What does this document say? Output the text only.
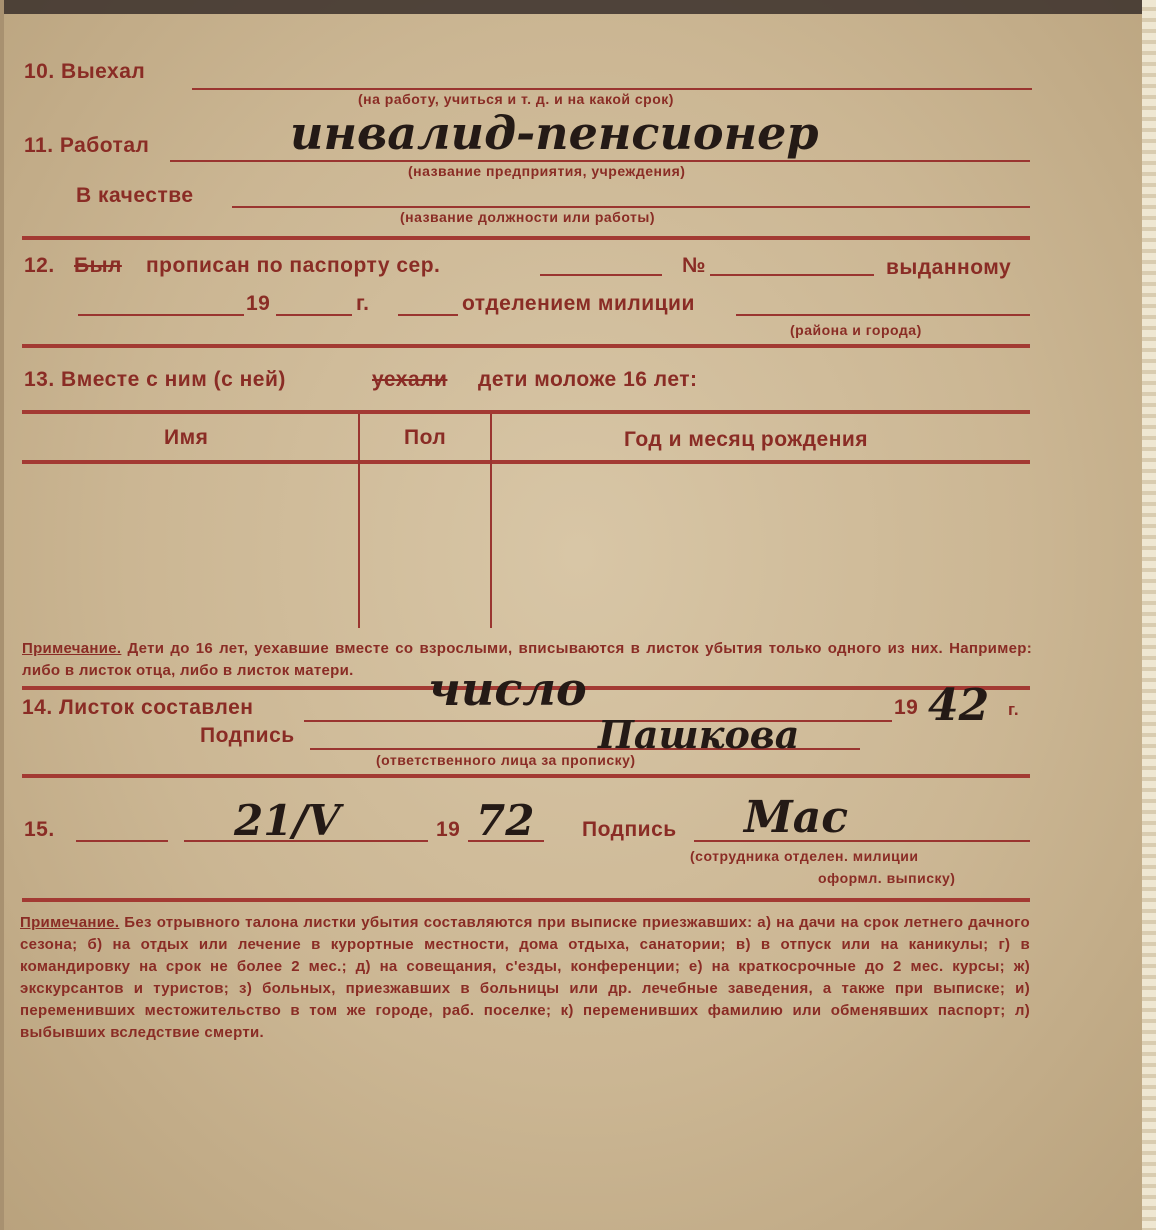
10. Выехал
(на работу, учиться и т. д. и на какой срок)
11. Работал	инвалид-пенсионер
(название предприятия, учреждения)
В качестве
(название должности или работы)
12. Был прописан по паспорту сер.	№	выданному
19	г.	отделением милиции
(района и города)
13. Вместе с ним (с ней)	уехали дети моложе 16 лет:
Имя	Пол	Год и месяц рождения
Примечание. Дети до 16 лет, уехавшие вместе со взрослыми, вписываются в листок убытия только одного из них. Например: либо в листок отца, либо в листок матери.
14. Листок составлен	число	19 42 г.
Подпись	Пашкова
(ответственного лица за прописку)
15.	21/V	19 72 Подпись Мас
(сотрудника отделен. милиции
оформл. выписку)
Примечание. Без отрывного талона листки убытия составляются при выписке приезжавших: а) на дачи на срок летнего дачного сезона; б) на отдых или лечение в курортные местности, дома отдыха, санатории; в) в отпуск или на каникулы; г) в командировку на срок не более 2 мес.; д) на совещания, с'езды, конференции; е) на краткосрочные до 2 мес. курсы; ж) экскурсантов и туристов; з) больных, приезжавших в больницы или др. лечебные заведения, а также при выписке; и) переменивших местожительство в том же городе, раб. поселке; к) переменивших фамилию или обменявших паспорт; л) выбывших вследствие смерти.
